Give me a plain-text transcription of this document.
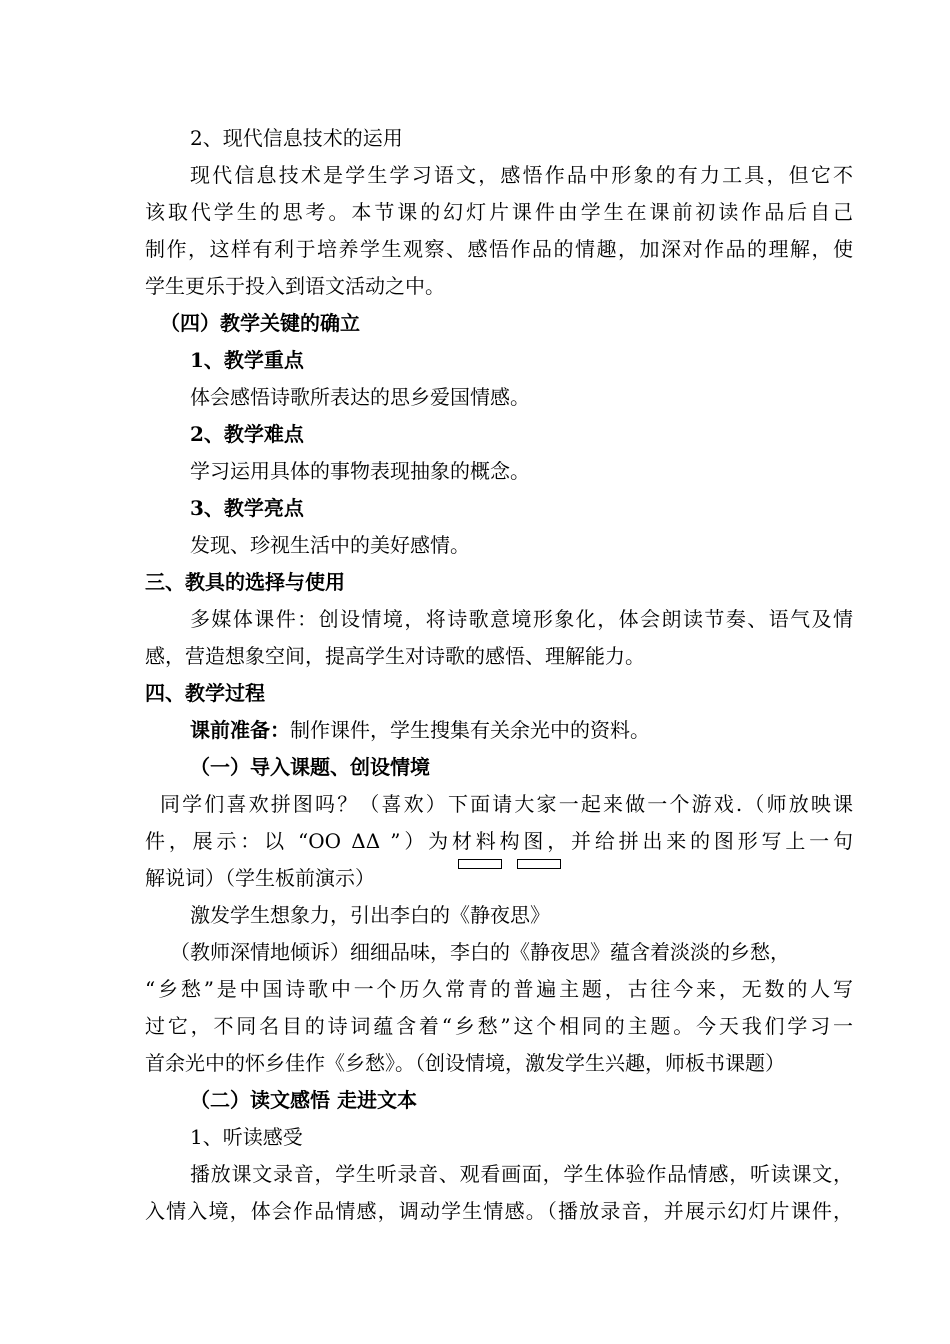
2、现代信息技术的运用
现代信息技术是学生学习语文，感悟作品中形象的有力工具，但它不
该取代学生的思考。本节课的幻灯片课件由学生在课前初读作品后自己
制作，这样有利于培养学生观察、感悟作品的情趣，加深对作品的理解，使
学生更乐于投入到语文活动之中。
（四）教学关键的确立
1、教学重点
体会感悟诗歌所表达的思乡爱国情感。
2、教学难点
学习运用具体的事物表现抽象的概念。
3、教学亮点
发现、珍视生活中的美好感情。
三、教具的选择与使用
多媒体课件：创设情境，将诗歌意境形象化，体会朗读节奏、语气及情
感，营造想象空间，提高学生对诗歌的感悟、理解能力。
四、教学过程
课前准备：制作课件，学生搜集有关余光中的资料。
（一）导入课题、创设情境
同学们喜欢拼图吗？（喜欢）下面请大家一起来做一个游戏.（师放映课
件，展示：以 “OO ΔΔ ”）为材料构图，并给拼出来的图形写上一句
解说词）（学生板前演示）
激发学生想象力，引出李白的《静夜思》
（教师深情地倾诉）细细品味，李白的《静夜思》蕴含着淡淡的乡愁，
“乡愁”是中国诗歌中一个历久常青的普遍主题，古往今来，无数的人写
过它，不同名目的诗词蕴含着“乡愁”这个相同的主题。今天我们学习一
首余光中的怀乡佳作《乡愁》。（创设情境，激发学生兴趣，师板书课题）
（二）读文感悟 走进文本
1、听读感受
播放课文录音，学生听录音、观看画面，学生体验作品情感，听读课文，
入情入境，体会作品情感，调动学生情感。（播放录音，并展示幻灯片课件，
